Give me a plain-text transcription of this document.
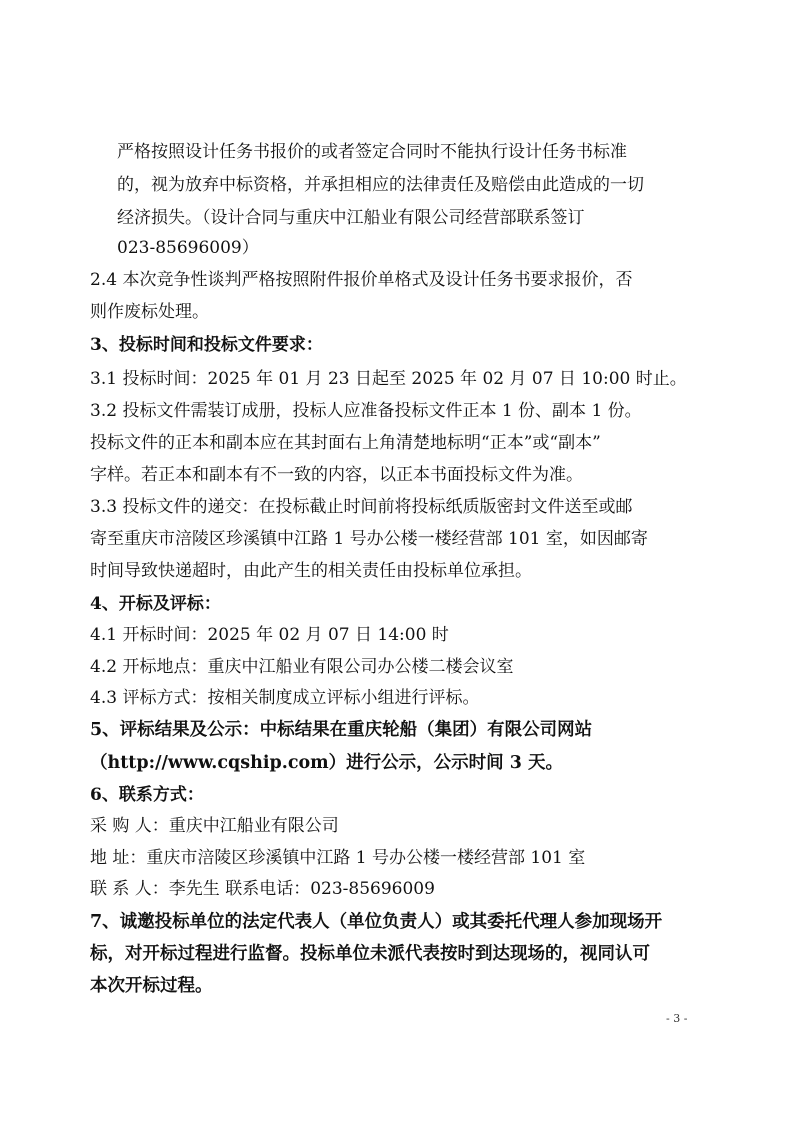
严格按照设计任务书报价的或者签定合同时不能执行设计任务书标准
的，视为放弃中标资格，并承担相应的法律责任及赔偿由此造成的一切
经济损失。（设计合同与重庆中江船业有限公司经营部联系签订
023-85696009）
2.4 本次竞争性谈判严格按照附件报价单格式及设计任务书要求报价，否
则作废标处理。
3、投标时间和投标文件要求：
3.1 投标时间：2025 年 01 月 23 日起至 2025 年 02 月 07 日 10:00 时止。
3.2 投标文件需装订成册，投标人应准备投标文件正本 1 份、副本 1 份。
投标文件的正本和副本应在其封面右上角清楚地标明“正本”或“副本”
字样。若正本和副本有不一致的内容，以正本书面投标文件为准。
3.3 投标文件的递交：在投标截止时间前将投标纸质版密封文件送至或邮
寄至重庆市涪陵区珍溪镇中江路 1 号办公楼一楼经营部 101 室，如因邮寄
时间导致快递超时，由此产生的相关责任由投标单位承担。
4、开标及评标：
4.1 开标时间：2025 年 02 月 07 日 14:00 时
4.2 开标地点：重庆中江船业有限公司办公楼二楼会议室
4.3 评标方式：按相关制度成立评标小组进行评标。
5、评标结果及公示：中标结果在重庆轮船（集团）有限公司网站
（http://www.cqship.com）进行公示，公示时间 3 天。
6、联系方式：
采 购 人：重庆中江船业有限公司
地 址：重庆市涪陵区珍溪镇中江路 1 号办公楼一楼经营部 101 室
联 系 人：李先生 联系电话：023-85696009
7、诚邀投标单位的法定代表人（单位负责人）或其委托代理人参加现场开
标，对开标过程进行监督。投标单位未派代表按时到达现场的，视同认可
本次开标过程。
- 3 -
